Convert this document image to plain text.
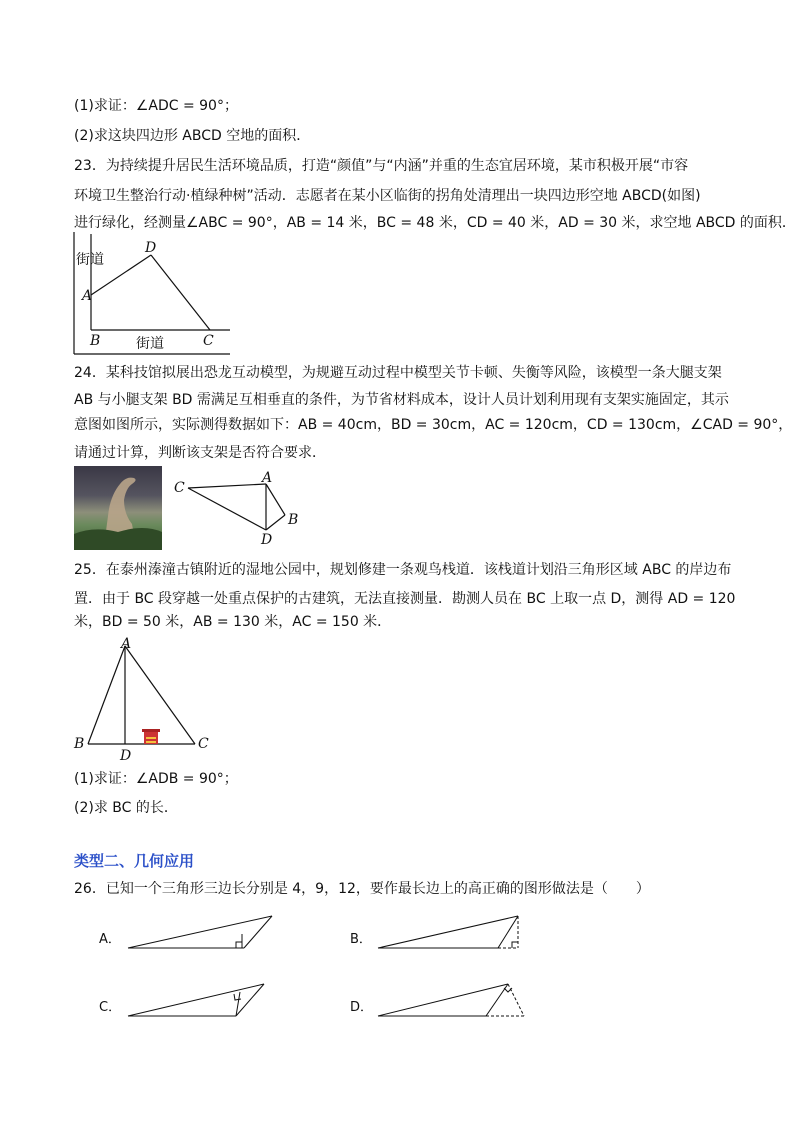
(1)求证：∠ADC = 90°；
(2)求这块四边形 ABCD 空地的面积．
23．为持续提升居民生活环境品质，打造“颜值”与“内涵”并重的生态宜居环境，某市积极开展“市容
环境卫生整治行动·植绿种树”活动．志愿者在某小区临街的拐角处清理出一块四边形空地 ABCD(如图)
进行绿化，经测量∠ABC = 90°，AB = 14 米，BC = 48 米，CD = 40 米，AD = 30 米，求空地 ABCD 的面积．
D
A
B	C
街道
街道
24．某科技馆拟展出恐龙互动模型，为规避互动过程中模型关节卡顿、失衡等风险，该模型一条大腿支架
AB 与小腿支架 BD 需满足互相垂直的条件，为节省材料成本，设计人员计划利用现有支架实施固定，其示
意图如图所示，实际测得数据如下：AB = 40cm，BD = 30cm，AC = 120cm，CD = 130cm，∠CAD = 90°，
请通过计算，判断该支架是否符合要求．
C
A
B
D
25．在泰州溱潼古镇附近的湿地公园中，规划修建一条观鸟栈道．该栈道计划沿三角形区域 ABC 的岸边布
置．由于 BC 段穿越一处重点保护的古建筑，无法直接测量．勘测人员在 BC 上取一点 D，测得 AD = 120
米，BD = 50 米，AB = 130 米，AC = 150 米．
A
B
D
C
(1)求证：∠ADB = 90°；
(2)求 BC 的长．
类型二、几何应用
26．已知一个三角形三边长分别是 4，9，12，要作最长边上的高正确的图形做法是（　　）
A．	B．
C．	D．
